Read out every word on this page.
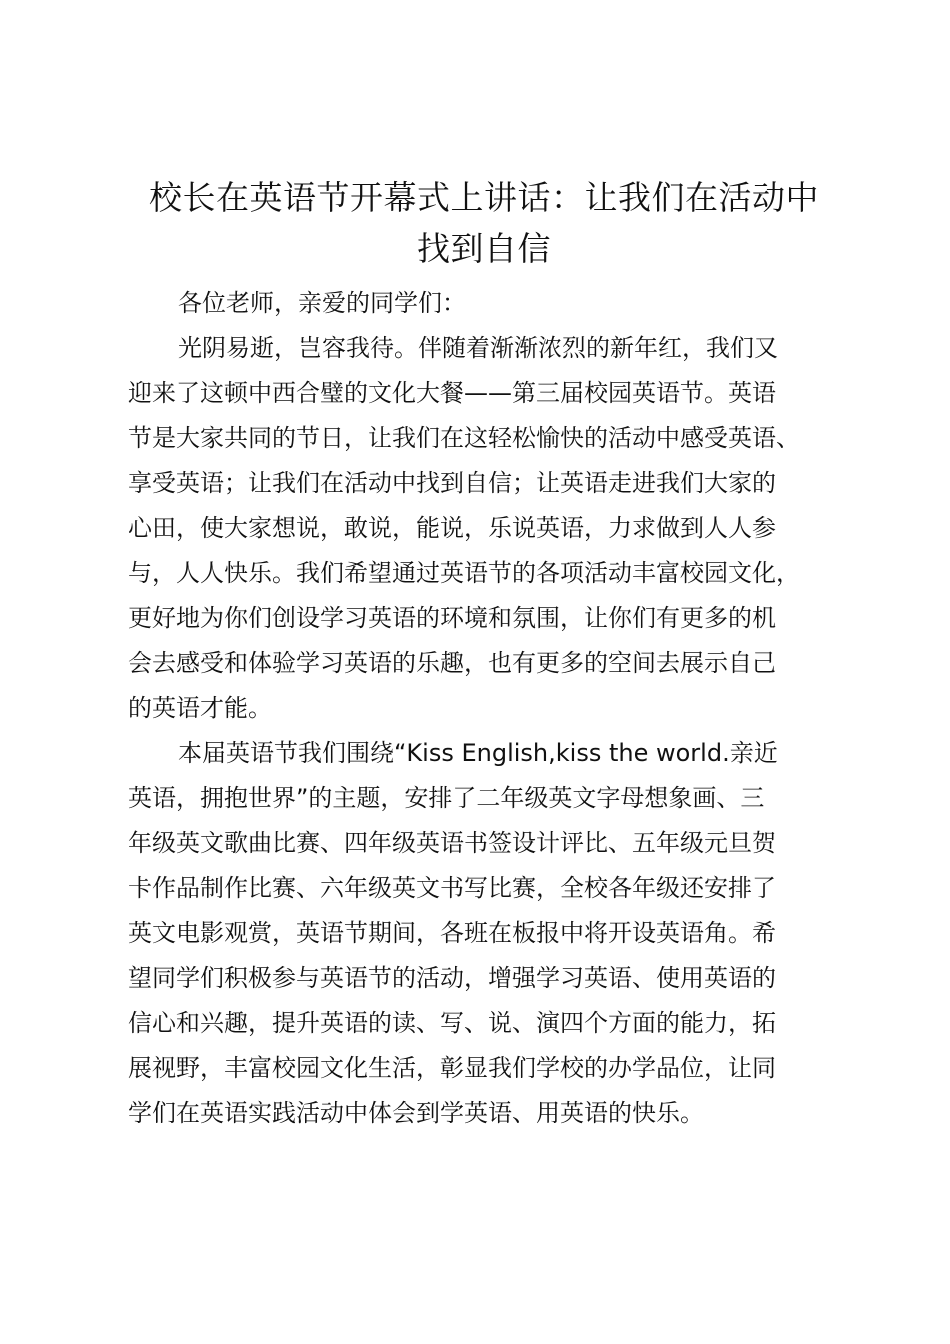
校长在英语节开幕式上讲话：让我们在活动中
找到自信
各位老师，亲爱的同学们：
光阴易逝，岂容我待。伴随着渐渐浓烈的新年红，我们又
迎来了这顿中西合璧的文化大餐——第三届校园英语节。英语
节是大家共同的节日，让我们在这轻松愉快的活动中感受英语、
享受英语；让我们在活动中找到自信；让英语走进我们大家的
心田，使大家想说，敢说，能说，乐说英语，力求做到人人参
与，人人快乐。我们希望通过英语节的各项活动丰富校园文化，
更好地为你们创设学习英语的环境和氛围，让你们有更多的机
会去感受和体验学习英语的乐趣，也有更多的空间去展示自己
的英语才能。
本届英语节我们围绕“Kiss English,kiss the world.亲近
英语，拥抱世界”的主题，安排了二年级英文字母想象画、三
年级英文歌曲比赛、四年级英语书签设计评比、五年级元旦贺
卡作品制作比赛、六年级英文书写比赛，全校各年级还安排了
英文电影观赏，英语节期间，各班在板报中将开设英语角。希
望同学们积极参与英语节的活动，增强学习英语、使用英语的
信心和兴趣，提升英语的读、写、说、演四个方面的能力，拓
展视野，丰富校园文化生活，彰显我们学校的办学品位，让同
学们在英语实践活动中体会到学英语、用英语的快乐。
